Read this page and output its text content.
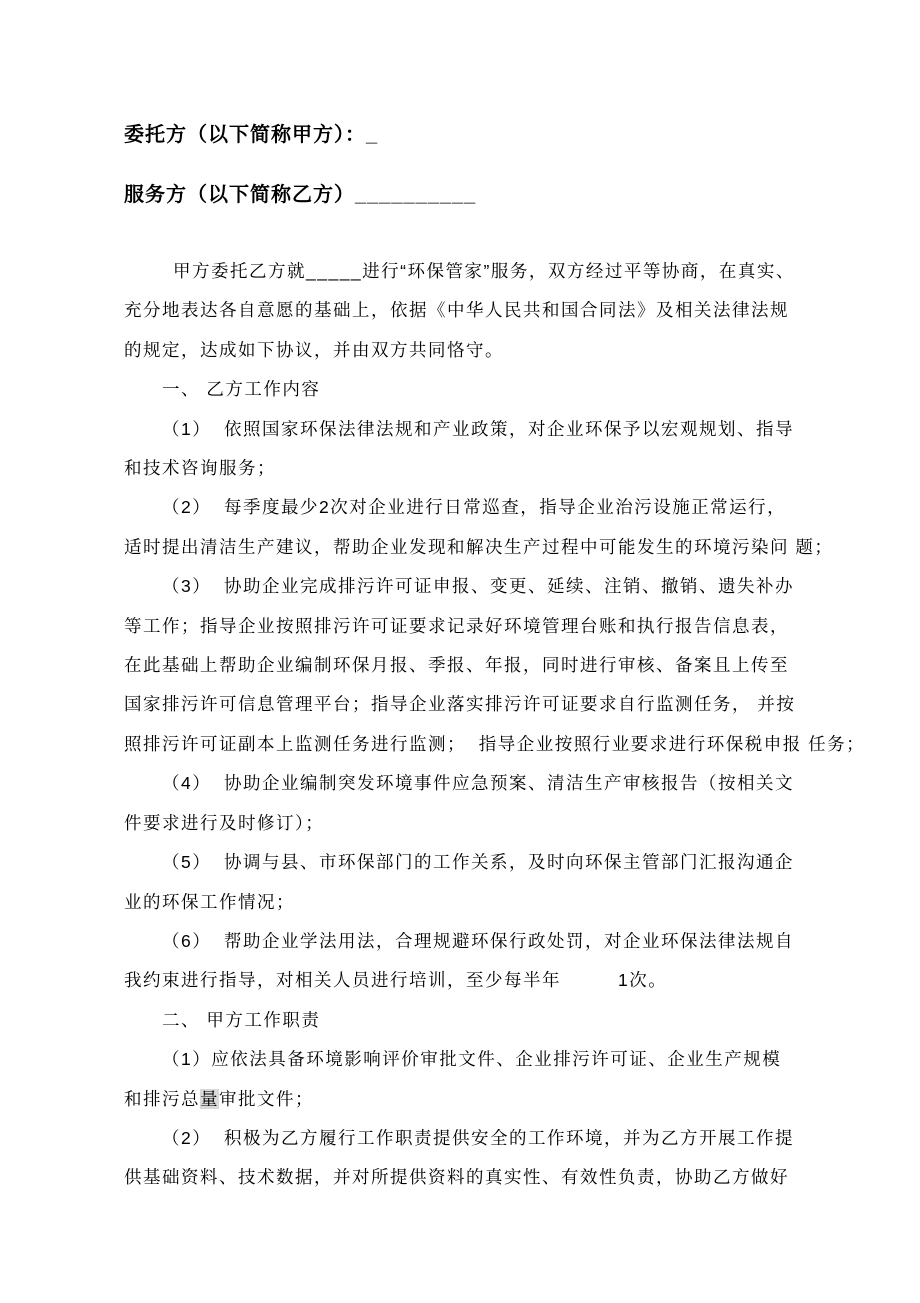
委托方（以下简称甲方）：_
服务方（以下简称乙方）__________
甲方委托乙方就_____进行“环保管家”服务，双方经过平等协商，在真实、
充分地表达各自意愿的基础上，依据《中华人民共和国合同法》及相关法律法规
的规定，达成如下协议，并由双方共同恪守。
一、 乙方工作内容
（1）  依照国家环保法律法规和产业政策，对企业环保予以宏观规划、指导
和技术咨询服务；
（2）  每季度最少2次对企业进行日常巡查，指导企业治污设施正常运行，
适时提出清洁生产建议，帮助企业发现和解决生产过程中可能发生的环境污染问 题；
（3）  协助企业完成排污许可证申报、变更、延续、注销、撤销、遗失补办
等工作；指导企业按照排污许可证要求记录好环境管理台账和执行报告信息表，
在此基础上帮助企业编制环保月报、季报、年报，同时进行审核、备案且上传至
国家排污许可信息管理平台；指导企业落实排污许可证要求自行监测任务， 并按
照排污许可证副本上监测任务进行监测；  指导企业按照行业要求进行环保税申报 任务；
（4）  协助企业编制突发环境事件应急预案、清洁生产审核报告（按相关文
件要求进行及时修订）；
（5）  协调与县、市环保部门的工作关系，及时向环保主管部门汇报沟通企
业的环保工作情况；
（6）  帮助企业学法用法，合理规避环保行政处罚，对企业环保法律法规自
我约束进行指导，对相关人员进行培训，至少每半年　　　1次。
二、 甲方工作职责
（1）应依法具备环境影响评价审批文件、企业排污许可证、企业生产规模
和排污总量审批文件；
（2）  积极为乙方履行工作职责提供安全的工作环境，并为乙方开展工作提
供基础资料、技术数据，并对所提供资料的真实性、有效性负责，协助乙方做好
